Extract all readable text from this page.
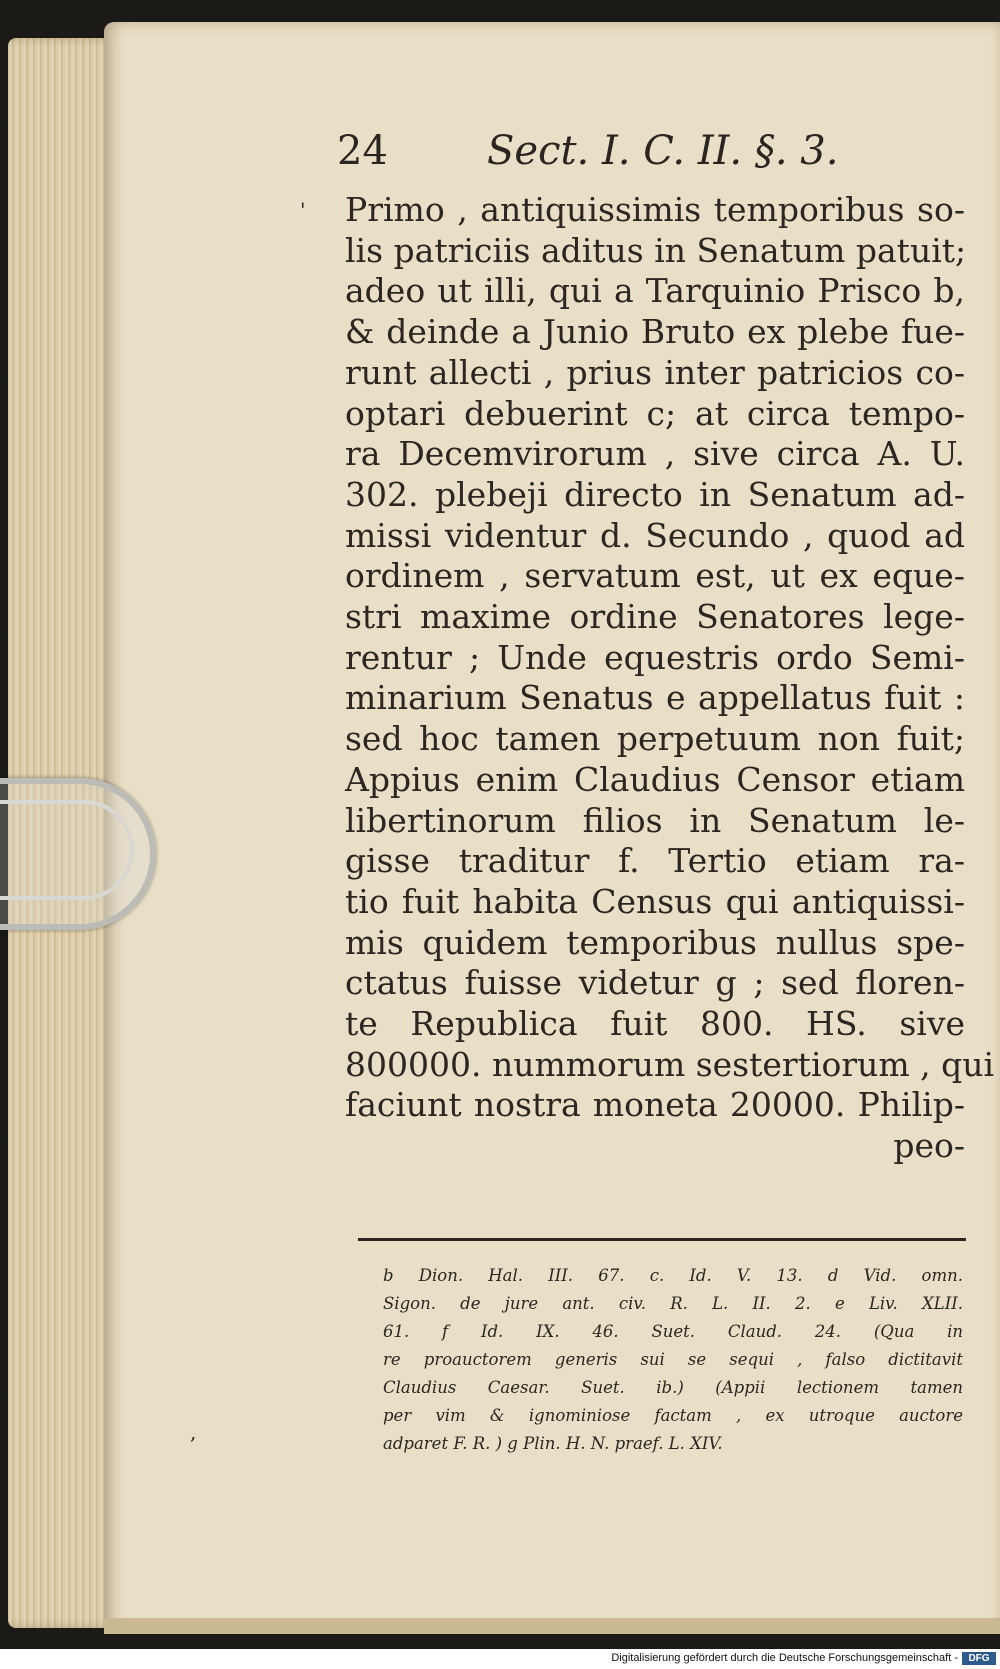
24 Sect. I. C. II. §. 3.
Primo , antiquissimis temporibus so-
lis patriciis aditus in Senatum patuit;
adeo ut illi, qui a Tarquinio Prisco b,
& deinde a Junio Bruto ex plebe fue-
runt allecti , prius inter patricios co-
optari debuerint c; at circa tempo-
ra Decemvirorum , sive circa A. U.
302. plebeji directo in Senatum ad-
missi videntur d. Secundo , quod ad
ordinem , servatum est, ut ex eque-
stri maxime ordine Senatores lege-
rentur ; Unde equestris ordo Semi-
minarium Senatus e appellatus fuit :
sed hoc tamen perpetuum non fuit;
Appius enim Claudius Censor etiam
libertinorum filios in Senatum le-
gisse traditur f. Tertio etiam ra-
tio fuit habita Census qui antiquissi-
mis quidem temporibus nullus spe-
ctatus fuisse videtur g ; sed floren-
te Republica fuit 800. HS. sive
800000. nummorum sestertiorum , qui
faciunt nostra moneta 20000. Philip-
peo-
b Dion. Hal. III. 67. c. Id. V. 13. d Vid. omn.
Sigon. de jure ant. civ. R. L. II. 2. e Liv. XLII.
61. f Id. IX. 46. Suet. Claud. 24. (Qua in
re proauctorem generis sui se sequi , falso dictitavit
Claudius Caesar. Suet. ib.) (Appii lectionem tamen
per vim & ignominiose factam , ex utroque auctore
adparet F. R. ) g Plin. H. N. praef. L. XIV.
'
,
Digitalisierung gefördert durch die Deutsche Forschungsgemeinschaft -	DFG
